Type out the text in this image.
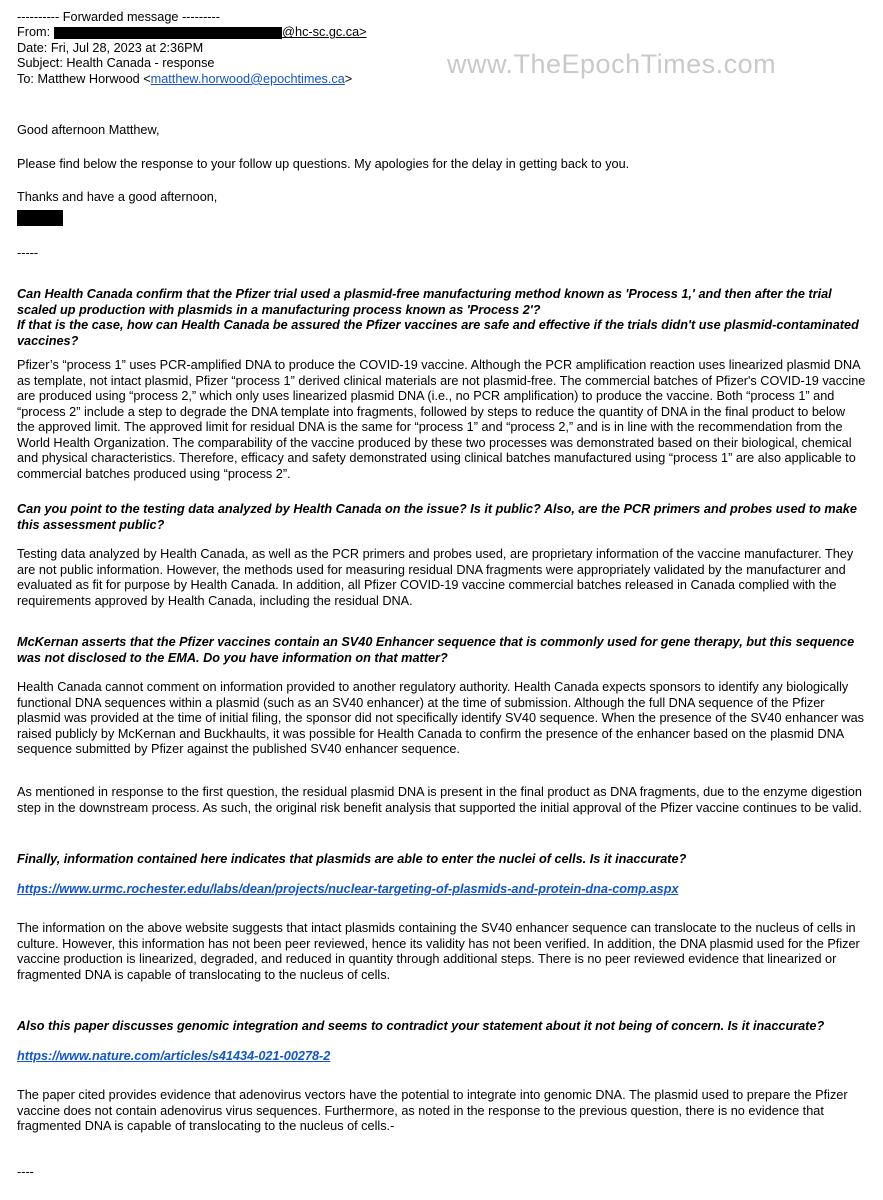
www.TheEpochTimes.com

---------- Forwarded message ---------

From:	@hc-sc.gc.ca>

Date: Fri, Jul 28, 2023 at 2:36PM

Subject: Health Canada - response

To: Matthew Horwood <matthew.horwood@epochtimes.ca>

Good afternoon Matthew,

Please find below the response to your follow up questions. My apologies for the delay in getting back to you.

Thanks and have a good afternoon,

-----

Can Health Canada confirm that the Pfizer trial used a plasmid-free manufacturing method known as 'Process 1,' and then after the trial scaled up production with plasmids in a manufacturing process known as 'Process 2'?
If that is the case, how can Health Canada be assured the Pfizer vaccines are safe and effective if the trials didn't use plasmid-contaminated vaccines?

Pfizer’s “process 1” uses PCR-amplified DNA to produce the COVID-19 vaccine. Although the PCR amplification reaction uses linearized plasmid DNA as template, not intact plasmid, Pfizer “process 1” derived clinical materials are not plasmid-free. The commercial batches of Pfizer's COVID-19 vaccine are produced using “process 2,” which only uses linearized plasmid DNA (i.e., no PCR amplification) to produce the vaccine. Both “process 1” and “process 2” include a step to degrade the DNA template into fragments, followed by steps to reduce the quantity of DNA in the final product to below the approved limit. The approved limit for residual DNA is the same for “process 1” and “process 2,” and is in line with the recommendation from the World Health Organization. The comparability of the vaccine produced by these two processes was demonstrated based on their biological, chemical and physical characteristics. Therefore, efficacy and safety demonstrated using clinical batches manufactured using “process 1” are also applicable to commercial batches produced using “process 2”.

Can you point to the testing data analyzed by Health Canada on the issue? Is it public? Also, are the PCR primers and probes used to make this assessment public?

Testing data analyzed by Health Canada, as well as the PCR primers and probes used, are proprietary information of the vaccine manufacturer. They are not public information. However, the methods used for measuring residual DNA fragments were appropriately validated by the manufacturer and evaluated as fit for purpose by Health Canada. In addition, all Pfizer COVID-19 vaccine commercial batches released in Canada complied with the requirements approved by Health Canada, including the residual DNA.

McKernan asserts that the Pfizer vaccines contain an SV40 Enhancer sequence that is commonly used for gene therapy, but this sequence was not disclosed to the EMA. Do you have information on that matter?

Health Canada cannot comment on information provided to another regulatory authority. Health Canada expects sponsors to identify any biologically functional DNA sequences within a plasmid (such as an SV40 enhancer) at the time of submission. Although the full DNA sequence of the Pfizer plasmid was provided at the time of initial filing, the sponsor did not specifically identify SV40 sequence. When the presence of the SV40 enhancer was raised publicly by McKernan and Buckhaults, it was possible for Health Canada to confirm the presence of the enhancer based on the plasmid DNA sequence submitted by Pfizer against the published SV40 enhancer sequence.

As mentioned in response to the first question, the residual plasmid DNA is present in the final product as DNA fragments, due to the enzyme digestion step in the downstream process. As such, the original risk benefit analysis that supported the initial approval of the Pfizer vaccine continues to be valid.

Finally, information contained here indicates that plasmids are able to enter the nuclei of cells. Is it inaccurate?

https://www.urmc.rochester.edu/labs/dean/projects/nuclear-targeting-of-plasmids-and-protein-dna-comp.aspx

The information on the above website suggests that intact plasmids containing the SV40 enhancer sequence can translocate to the nucleus of cells in culture. However, this information has not been peer reviewed, hence its validity has not been verified. In addition, the DNA plasmid used for the Pfizer vaccine production is linearized, degraded, and reduced in quantity through additional steps. There is no peer reviewed evidence that linearized or fragmented DNA is capable of translocating to the nucleus of cells.

Also this paper discusses genomic integration and seems to contradict your statement about it not being of concern. Is it inaccurate?

https://www.nature.com/articles/s41434-021-00278-2

The paper cited provides evidence that adenovirus vectors have the potential to integrate into genomic DNA. The plasmid used to prepare the Pfizer vaccine does not contain adenovirus virus sequences. Furthermore, as noted in the response to the previous question, there is no evidence that fragmented DNA is capable of translocating to the nucleus of cells.-

----
